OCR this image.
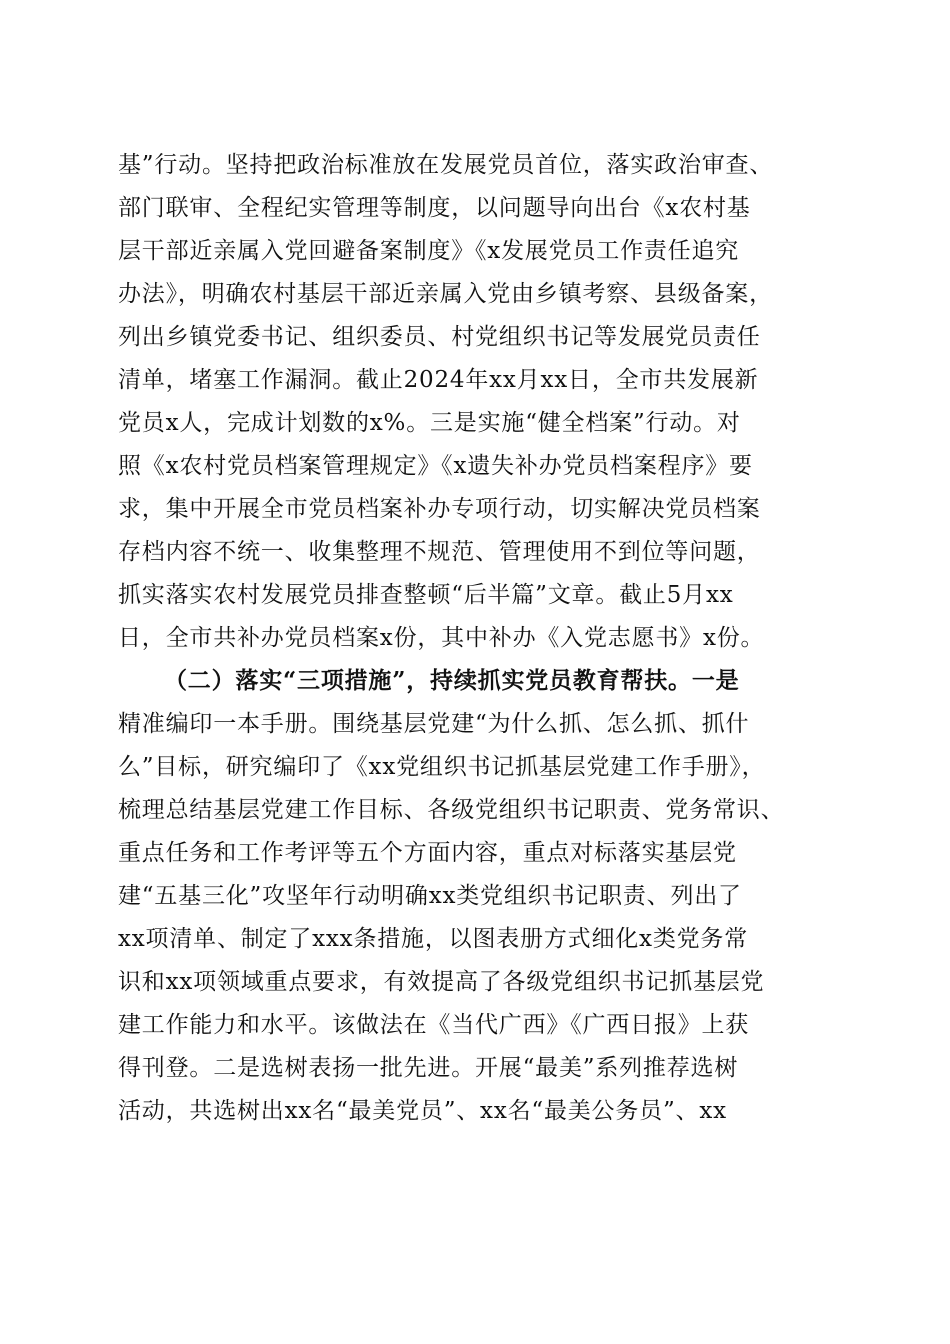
基”行动。坚持把政治标准放在发展党员首位，落实政治审查、
部门联审、全程纪实管理等制度，以问题导向出台《x农村基
层干部近亲属入党回避备案制度》《x发展党员工作责任追究
办法》，明确农村基层干部近亲属入党由乡镇考察、县级备案，
列出乡镇党委书记、组织委员、村党组织书记等发展党员责任
清单，堵塞工作漏洞。截止2024年xx月xx日，全市共发展新
党员x人，完成计划数的x%。三是实施“健全档案”行动。对
照《x农村党员档案管理规定》《x遗失补办党员档案程序》要
求，集中开展全市党员档案补办专项行动，切实解决党员档案
存档内容不统一、收集整理不规范、管理使用不到位等问题，
抓实落实农村发展党员排查整顿“后半篇”文章。截止5月xx
日，全市共补办党员档案x份，其中补办《入党志愿书》x份。
（二）落实“三项措施”，持续抓实党员教育帮扶。一是
精准编印一本手册。围绕基层党建“为什么抓、怎么抓、抓什
么”目标，研究编印了《xx党组织书记抓基层党建工作手册》，
梳理总结基层党建工作目标、各级党组织书记职责、党务常识、
重点任务和工作考评等五个方面内容，重点对标落实基层党
建“五基三化”攻坚年行动明确xx类党组织书记职责、列出了
xx项清单、制定了xxx条措施，以图表册方式细化x类党务常
识和xx项领域重点要求，有效提高了各级党组织书记抓基层党
建工作能力和水平。该做法在《当代广西》《广西日报》上获
得刊登。二是选树表扬一批先进。开展“最美”系列推荐选树
活动，共选树出xx名“最美党员”、xx名“最美公务员”、xx
